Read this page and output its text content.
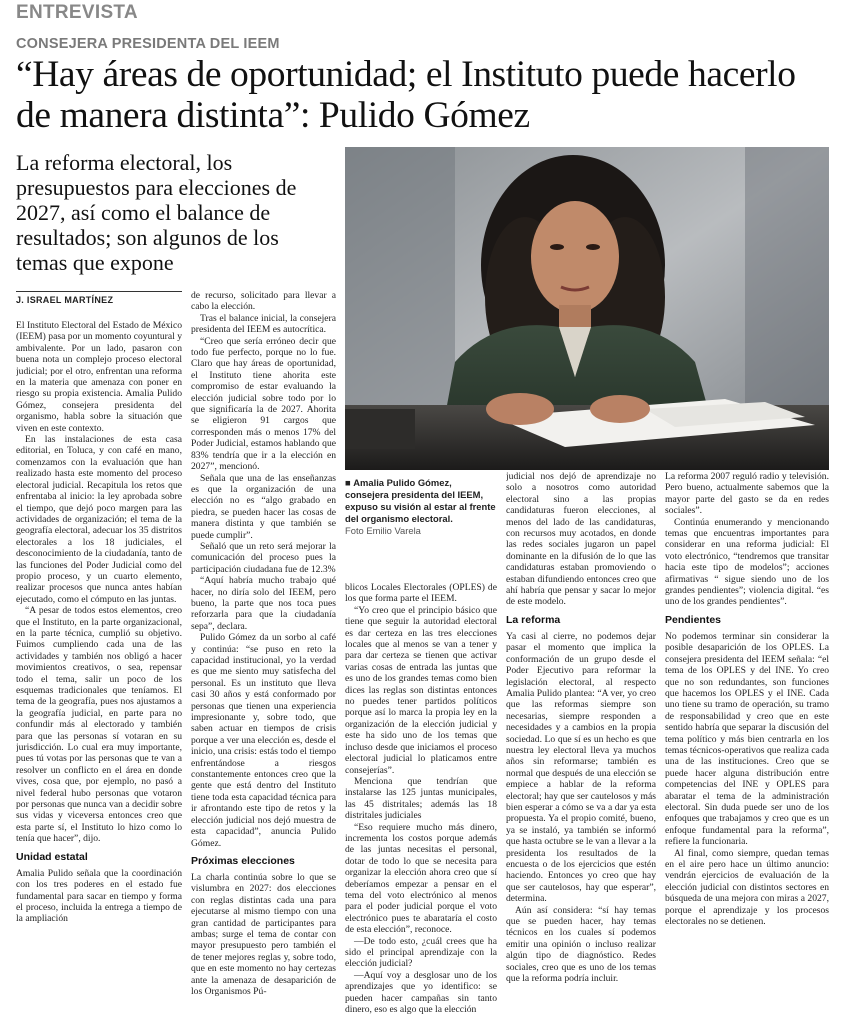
ENTREVISTA
CONSEJERA PRESIDENTA DEL IEEM
“Hay áreas de oportunidad; el Instituto puede hacerlo de manera distinta”: Pulido Gómez
La reforma electoral, los presupuestos para elecciones de 2027, así como el balance de resultados; son algunos de los temas que expone
J. ISRAEL MARTÍNEZ
■ Amalia Pulido Gómez, consejera presidenta del IEEM, expuso su visión al estar al frente del organismo electoral.
Foto Emilio Varela

El Instituto Electoral del Estado de México (IEEM) pasa por un momento coyuntural y ambivalente. Por un lado, pasaron con buena nota un complejo proceso electoral judicial; por el otro, enfrentan una reforma en la materia que amenaza con poner en riesgo su propia existencia. Amalia Pulido Gómez, consejera presidenta del organismo, habla sobre la situación que viven en este contexto.

En las instalaciones de esta casa editorial, en Toluca, y con café en mano, comenzamos con la evaluación que han realizado hasta este momento del proceso electoral judicial. Recapitula los retos que enfrentaba al inicio: la ley aprobada sobre el tiempo, que dejó poco margen para las actividades de organización; el tema de la geografía electoral, adecuar los 35 distritos electorales a los 18 judiciales, el desconocimiento de la ciudadanía, tanto de las funciones del Poder Judicial como del propio proceso, y un cuarto elemento, realizar procesos que nunca antes habían ejecutado, como el cómputo en las juntas.

“A pesar de todos estos elementos, creo que el Instituto, en la parte organizacional, en la parte técnica, cumplió su objetivo. Fuimos cumpliendo cada una de las actividades y también nos obligó a hacer movimientos creativos, o sea, repensar todo el tema, salir un poco de los esquemas tradicionales que teníamos. El tema de la geografía, pues nos ajustamos a la geografía judicial, en parte para no confundir más al electorado y también para que las personas sí votaran en su jurisdicción. Lo cual era muy importante, pues tú votas por las personas que te van a resolver un conflicto en el área en donde vives, cosa que, por ejemplo, no pasó a nivel federal hubo personas que votaron por personas que nunca van a decidir sobre sus vidas y viceversa entonces creo que esta parte sí, el Instituto lo hizo como lo tenía que hacer”, dijo.

Unidad estatal

Amalia Pulido señala que la coordinación con los tres poderes en el estado fue fundamental para sacar en tiempo y forma el proceso, incluida la entrega a tiempo de la ampliación

de recurso, solicitado para llevar a cabo la elección.

Tras el balance inicial, la consejera presidenta del IEEM es autocrítica.

“Creo que sería erróneo decir que todo fue perfecto, porque no lo fue. Claro que hay áreas de oportunidad, el Instituto tiene ahorita este compromiso de estar evaluando la elección judicial sobre todo por lo que significaría la de 2027. Ahorita se eligieron 91 cargos que corresponden más o menos 17% del Poder Judicial, estamos hablando que 83% tendría que ir a la elección en 2027”, mencionó.

Señala que una de las enseñanzas es que la organización de una elección no es “algo grabado en piedra, se pueden hacer las cosas de manera distinta y que también se puede cumplir”.

Señaló que un reto será mejorar la comunicación del proceso pues la participación ciudadana fue de 12.3%

“Aquí habría mucho trabajo qué hacer, no diría solo del IEEM, pero bueno, la parte que nos toca pues reforzarla para que la ciudadanía sepa”, declara.

Pulido Gómez da un sorbo al café y continúa: “se puso en reto la capacidad institucional, yo la verdad es que me siento muy satisfecha del personal. Es un instituto que lleva casi 30 años y está conformado por personas que tienen una experiencia impresionante y, sobre todo, que saben actuar en tiempos de crisis porque a ver una elección es, desde el inicio, una crisis: estás todo el tiempo enfrentándose a riesgos constantemente entonces creo que la gente que está dentro del Instituto tiene toda esta capacidad técnica para ir afrontando este tipo de retos y la elección judicial nos dejó muestra de esta capacidad”, anuncia Pulido Gómez.

Próximas elecciones

La charla continúa sobre lo que se vislumbra en 2027: dos elecciones con reglas distintas cada una para ejecutarse al mismo tiempo con una gran cantidad de participantes para ambas; surge el tema de contar con mayor presupuesto pero también el de tener mejores reglas y, sobre todo, que en este momento no hay certezas ante la amenaza de desaparición de los Organismos Pú-

blicos Locales Electorales (OPLES) de los que forma parte el IEEM.

“Yo creo que el principio básico que tiene que seguir la autoridad electoral es dar certeza en las tres elecciones locales que al menos se van a tener y para dar certeza se tienen que activar varias cosas de entrada las juntas que es uno de los grandes temas como bien dices las reglas son distintas entonces no puedes tener partidos políticos porque así lo marca la propia ley en la organización de la elección judicial y este ha sido uno de los temas que incluso desde que iniciamos el proceso electoral judicial lo platicamos entre consejerías”.

Menciona que tendrían que instalarse las 125 juntas municipales, las 45 distritales; además las 18 distritales judiciales

“Eso requiere mucho más dinero, incrementa los costos porque además de las juntas necesitas el personal, dotar de todo lo que se necesita para organizar la elección ahora creo que sí deberíamos empezar a pensar en el tema del voto electrónico al menos para el poder judicial porque el voto electrónico pues te abarataría el costo de esta elección”, reconoce.

—De todo esto, ¿cuál crees que ha sido el principal aprendizaje con la elección judicial?

—Aquí voy a desglosar uno de los aprendizajes que yo identifico: se pueden hacer campañas sin tanto dinero, eso es algo que la elección

judicial nos dejó de aprendizaje no solo a nosotros como autoridad electoral sino a las propias candidaturas fueron elecciones, al menos del lado de las candidaturas, con recursos muy acotados, en donde las redes sociales jugaron un papel dominante en la difusión de lo que las candidaturas estaban promoviendo o estaban difundiendo entonces creo que ahí habría que pensar y sacar lo mejor de este modelo.

La reforma

Ya casi al cierre, no podemos dejar pasar el momento que implica la conformación de un grupo desde el Poder Ejecutivo para reformar la legislación electoral, al respecto Amalia Pulido plantea: “A ver, yo creo que las reformas siempre son necesarias, siempre responden a necesidades y a cambios en la propia sociedad. Lo que sí es un hecho es que nuestra ley electoral lleva ya muchos años sin reformarse; también es normal que después de una elección se empiece a hablar de la reforma electoral; hay que ser cautelosos y más bien esperar a cómo se va a dar ya esta propuesta. Ya el propio comité, bueno, ya se instaló, ya también se informó que hasta octubre se le van a llevar a la presidenta los resultados de la encuesta o de los ejercicios que estén haciendo. Entonces yo creo que hay que ser cautelosos, hay que esperar”, determina.

Aún así considera: “sí hay temas que se pueden hacer, hay temas técnicos en los cuales sí podemos emitir una opinión o incluso realizar algún tipo de diagnóstico. Redes sociales, creo que es uno de los temas que la reforma podría incluir.

La reforma 2007 reguló radio y televisión. Pero bueno, actualmente sabemos que la mayor parte del gasto se da en redes sociales”.

Continúa enumerando y mencionando temas que encuentras importantes para considerar en una reforma judicial: El voto electrónico, “tendremos que transitar hacia este tipo de modelos”; acciones afirmativas “ sigue siendo uno de los grandes pendientes”; violencia digital. “es uno de los grandes pendientes”.

Pendientes

No podemos terminar sin considerar la posible desaparición de los OPLES. La consejera presidenta del IEEM señala: “el tema de los OPLES y del INE. Yo creo que no son redundantes, son funciones que hacemos los OPLES y el INE. Cada uno tiene su tramo de operación, su tramo de responsabilidad y creo que en este sentido habría que separar la discusión del tema político y más bien centrarla en los temas técnicos-operativos que realiza cada una de las instituciones. Creo que se puede hacer alguna distribución entre competencias del INE y OPLES para abaratar el tema de la administración electoral. Sin duda puede ser uno de los enfoques que trabajamos y creo que es un enfoque fundamental para la reforma”, refiere la funcionaria.

Al final, como siempre, quedan temas en el aire pero hace un último anuncio: vendrán ejercicios de evaluación de la elección judicial con distintos sectores en búsqueda de una mejora con miras a 2027, porque el aprendizaje y los procesos electorales no se detienen.
